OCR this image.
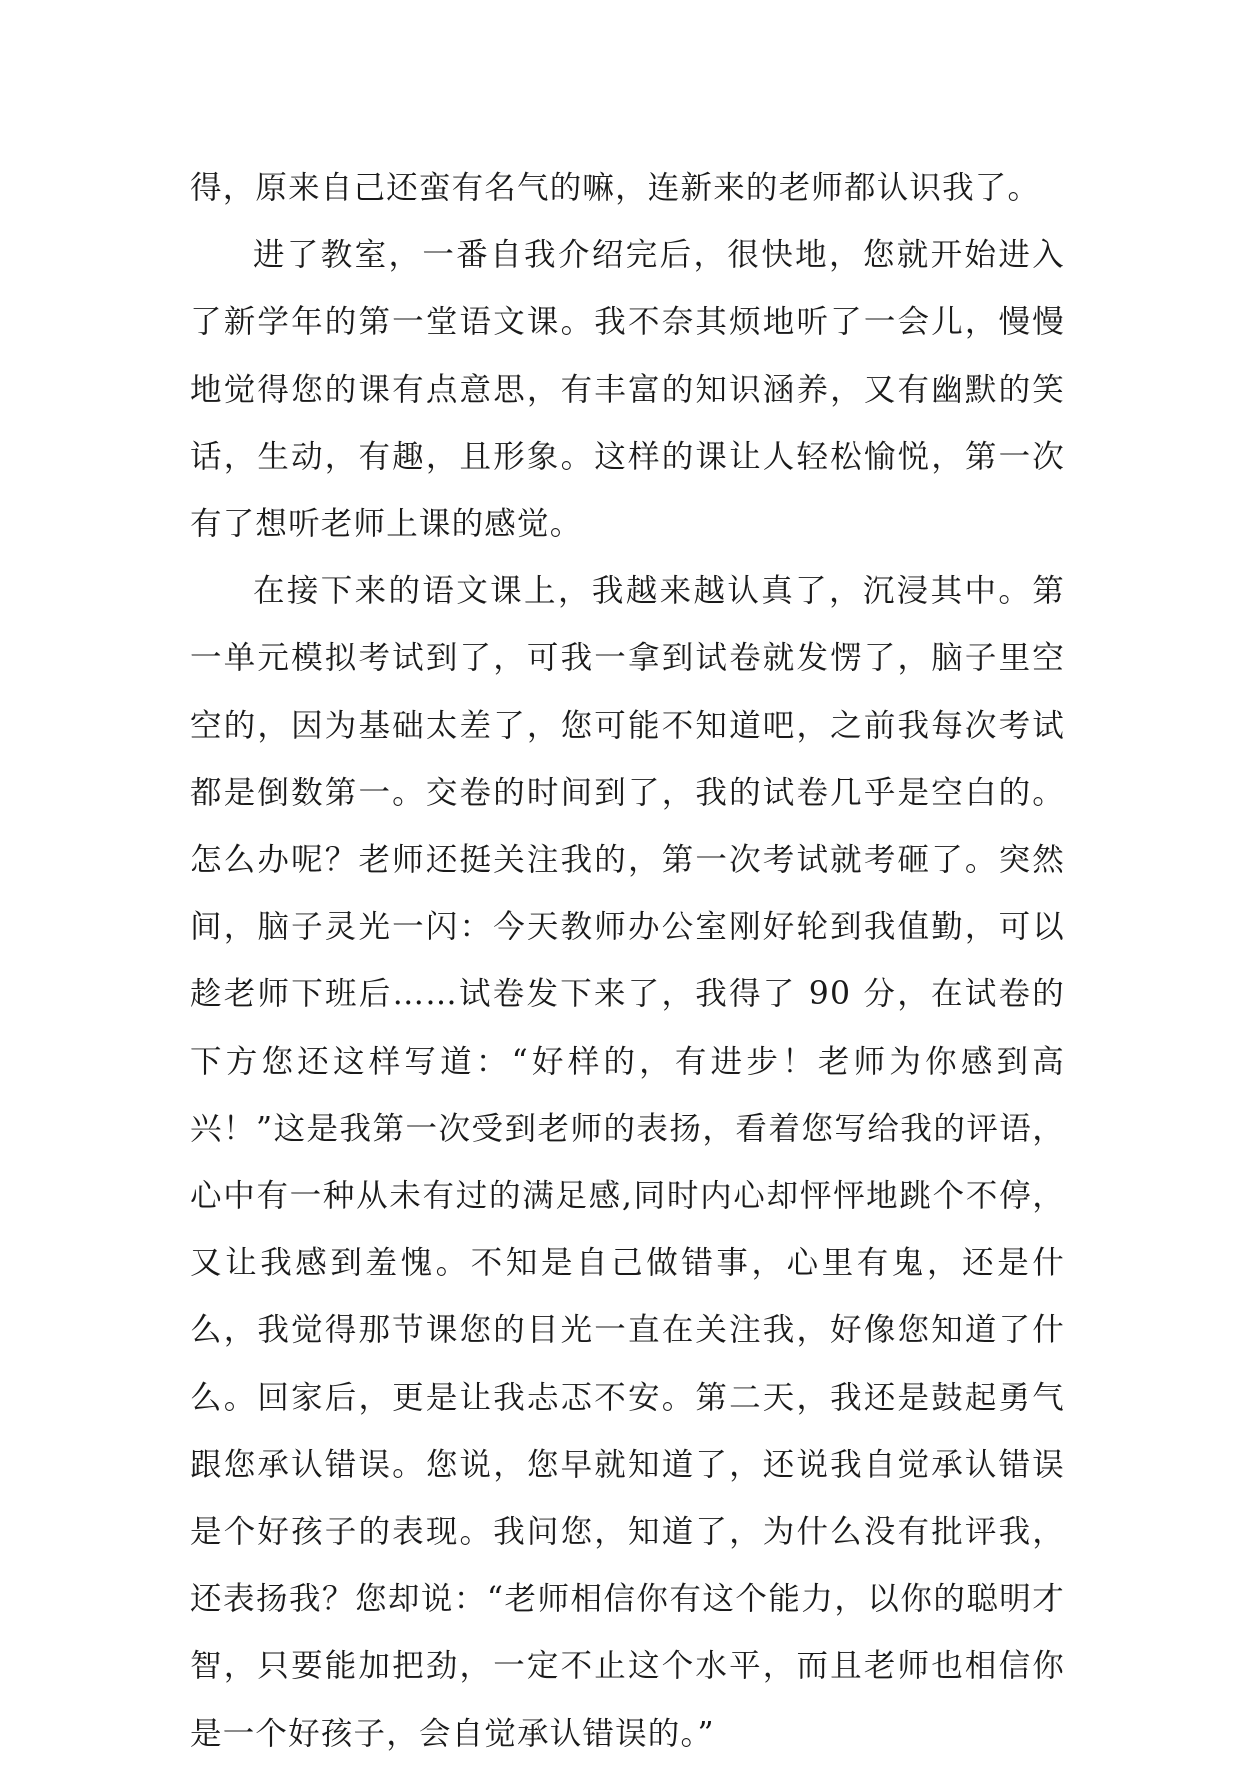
得，原来自己还蛮有名气的嘛，连新来的老师都认识我了。

进了教室，一番自我介绍完后，很快地，您就开始进入了新学年的第一堂语文课。我不奈其烦地听了一会儿，慢慢地觉得您的课有点意思，有丰富的知识涵养，又有幽默的笑话，生动，有趣，且形象。这样的课让人轻松愉悦，第一次有了想听老师上课的感觉。

在接下来的语文课上，我越来越认真了，沉浸其中。第一单元模拟考试到了，可我一拿到试卷就发愣了，脑子里空空的，因为基础太差了，您可能不知道吧，之前我每次考试都是倒数第一。交卷的时间到了，我的试卷几乎是空白的。怎么办呢？老师还挺关注我的，第一次考试就考砸了。突然间，脑子灵光一闪：今天教师办公室刚好轮到我值勤，可以趁老师下班后……试卷发下来了，我得了 90 分，在试卷的下方您还这样写道：“好样的，有进步！老师为你感到高兴！”这是我第一次受到老师的表扬，看着您写给我的评语，心中有一种从未有过的满足感,同时内心却怦怦地跳个不停，又让我感到羞愧。不知是自己做错事，心里有鬼，还是什么，我觉得那节课您的目光一直在关注我，好像您知道了什么。回家后，更是让我忐忑不安。第二天，我还是鼓起勇气跟您承认错误。您说，您早就知道了，还说我自觉承认错误是个好孩子的表现。我问您，知道了，为什么没有批评我，还表扬我？您却说：“老师相信你有这个能力，以你的聪明才智，只要能加把劲，一定不止这个水平，而且老师也相信你是一个好孩子，会自觉承认错误的。”
